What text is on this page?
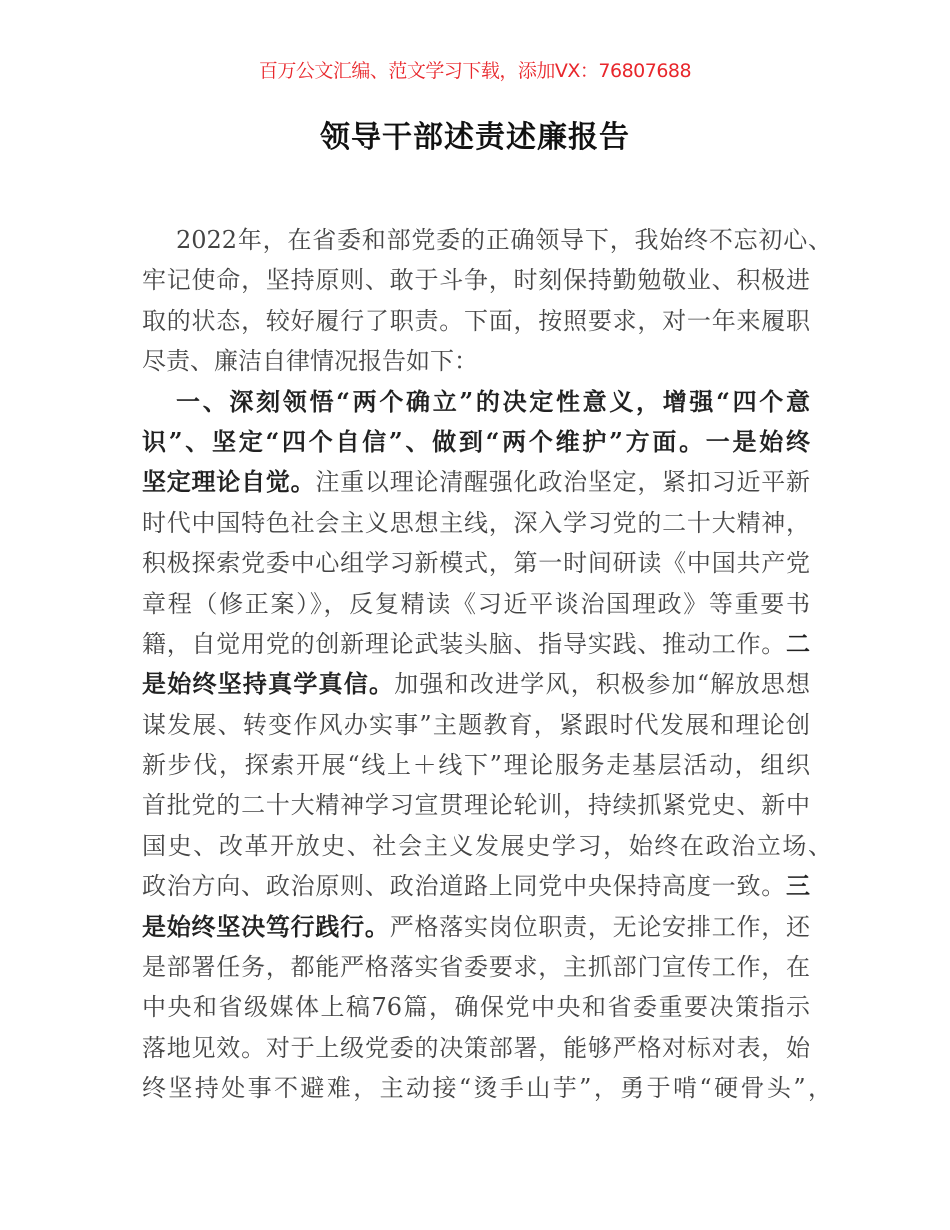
百万公文汇编、范文学习下载，添加VX：76807688
领导干部述责述廉报告
2022年，在省委和部党委的正确领导下，我始终不忘初心、
牢记使命，坚持原则、敢于斗争，时刻保持勤勉敬业、积极进
取的状态，较好履行了职责。下面，按照要求，对一年来履职
尽责、廉洁自律情况报告如下：
一、深刻领悟“两个确立”的决定性意义，增强“四个意
识”、坚定“四个自信”、做到“两个维护”方面。一是始终
坚定理论自觉。注重以理论清醒强化政治坚定，紧扣习近平新
时代中国特色社会主义思想主线，深入学习党的二十大精神，
积极探索党委中心组学习新模式，第一时间研读《中国共产党
章程（修正案）》，反复精读《习近平谈治国理政》等重要书
籍，自觉用党的创新理论武装头脑、指导实践、推动工作。二
是始终坚持真学真信。加强和改进学风，积极参加“解放思想
谋发展、转变作风办实事”主题教育，紧跟时代发展和理论创
新步伐，探索开展“线上＋线下”理论服务走基层活动，组织
首批党的二十大精神学习宣贯理论轮训，持续抓紧党史、新中
国史、改革开放史、社会主义发展史学习，始终在政治立场、
政治方向、政治原则、政治道路上同党中央保持高度一致。三
是始终坚决笃行践行。严格落实岗位职责，无论安排工作，还
是部署任务，都能严格落实省委要求，主抓部门宣传工作，在
中央和省级媒体上稿76篇，确保党中央和省委重要决策指示
落地见效。对于上级党委的决策部署，能够严格对标对表，始
终坚持处事不避难，主动接“烫手山芋”，勇于啃“硬骨头”，
